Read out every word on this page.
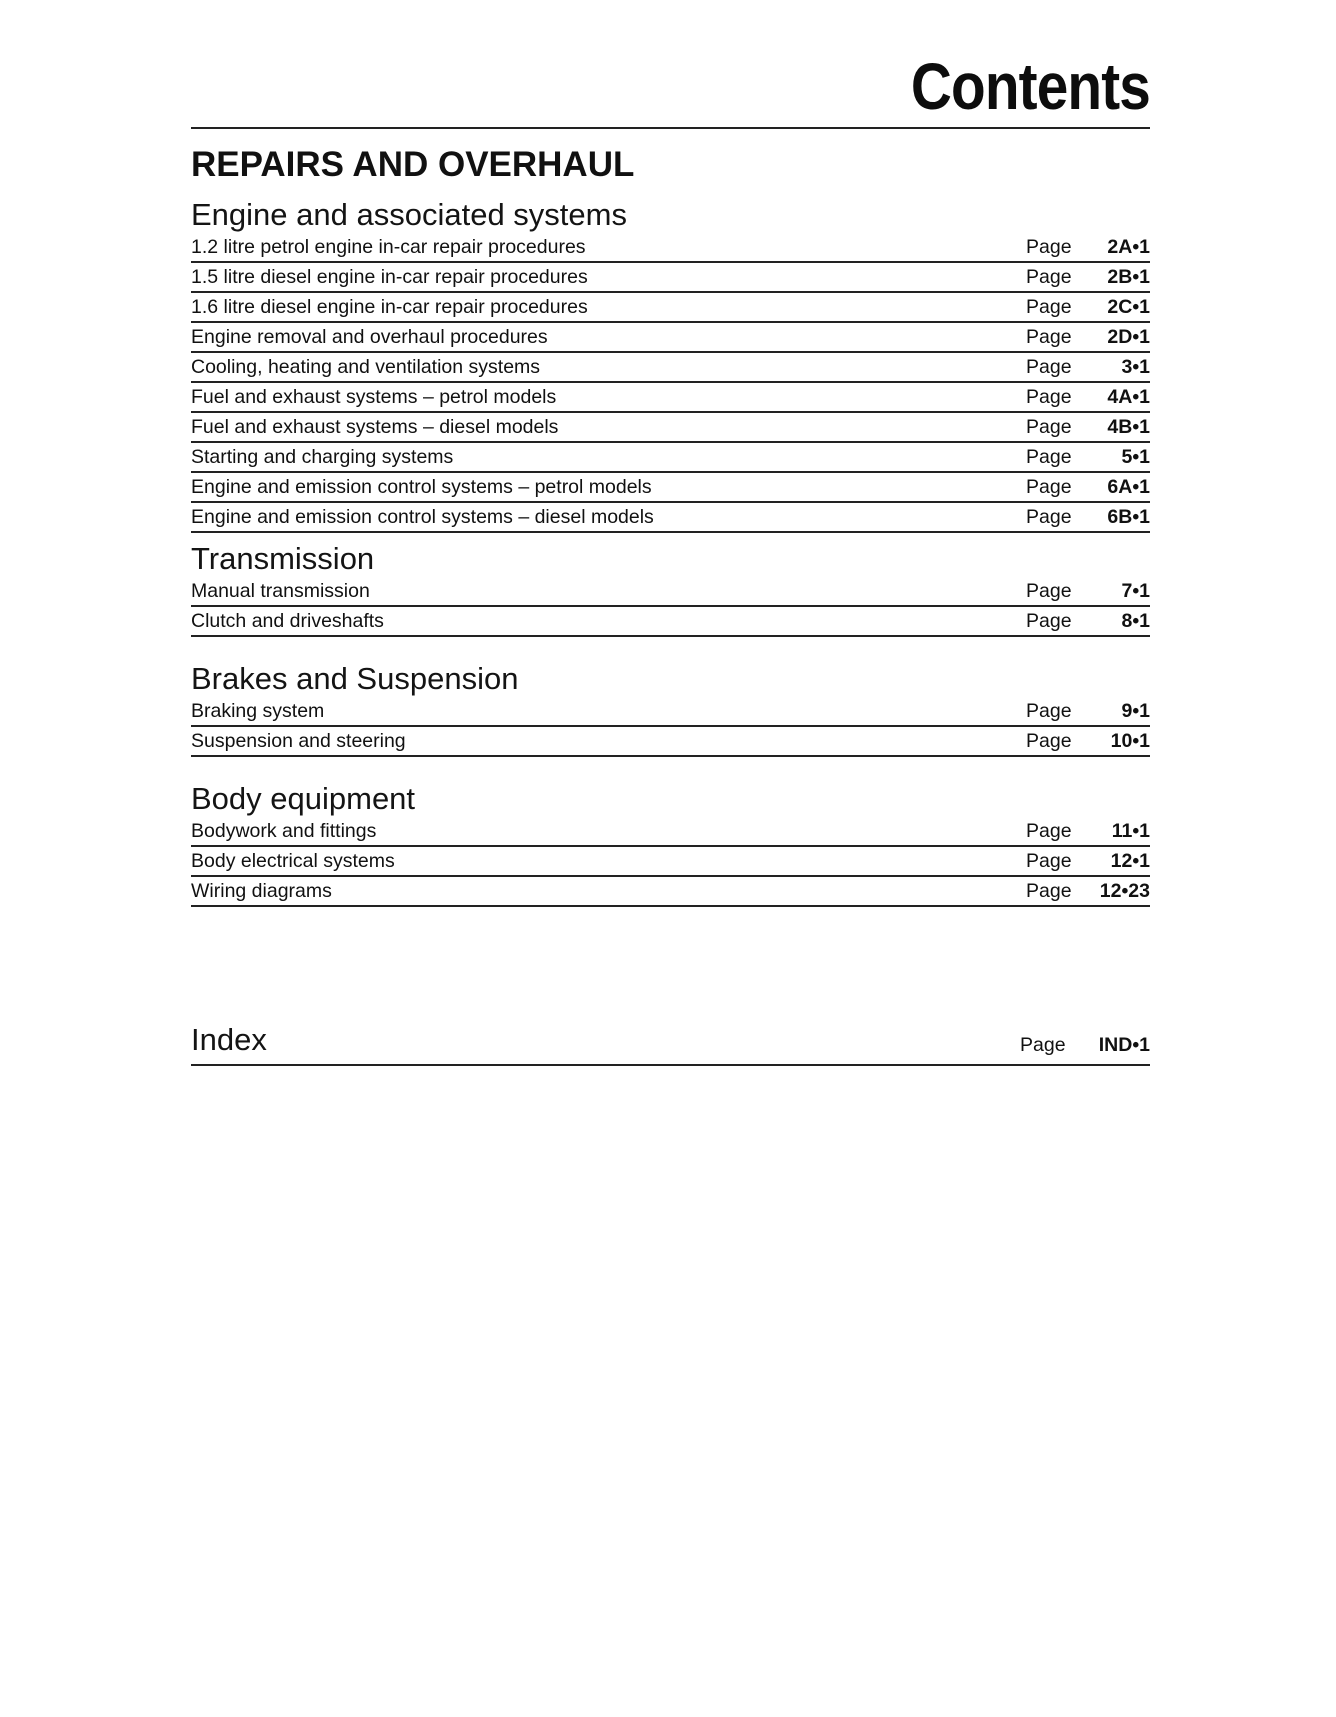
Contents
REPAIRS AND OVERHAUL
Engine and associated systems
1.2 litre petrol engine in-car repair procedures	Page	2A•1
1.5 litre diesel engine in-car repair procedures	Page	2B•1
1.6 litre diesel engine in-car repair procedures	Page	2C•1
Engine removal and overhaul procedures	Page	2D•1
Cooling, heating and ventilation systems	Page	3•1
Fuel and exhaust systems – petrol models	Page	4A•1
Fuel and exhaust systems – diesel models	Page	4B•1
Starting and charging systems	Page	5•1
Engine and emission control systems – petrol models	Page	6A•1
Engine and emission control systems – diesel models	Page	6B•1
Transmission
Manual transmission	Page	7•1
Clutch and driveshafts	Page	8•1
Brakes and Suspension
Braking system	Page	9•1
Suspension and steering	Page	10•1
Body equipment
Bodywork and fittings	Page	11•1
Body electrical systems	Page	12•1
Wiring diagrams	Page	12•23
Index	Page	IND•1
